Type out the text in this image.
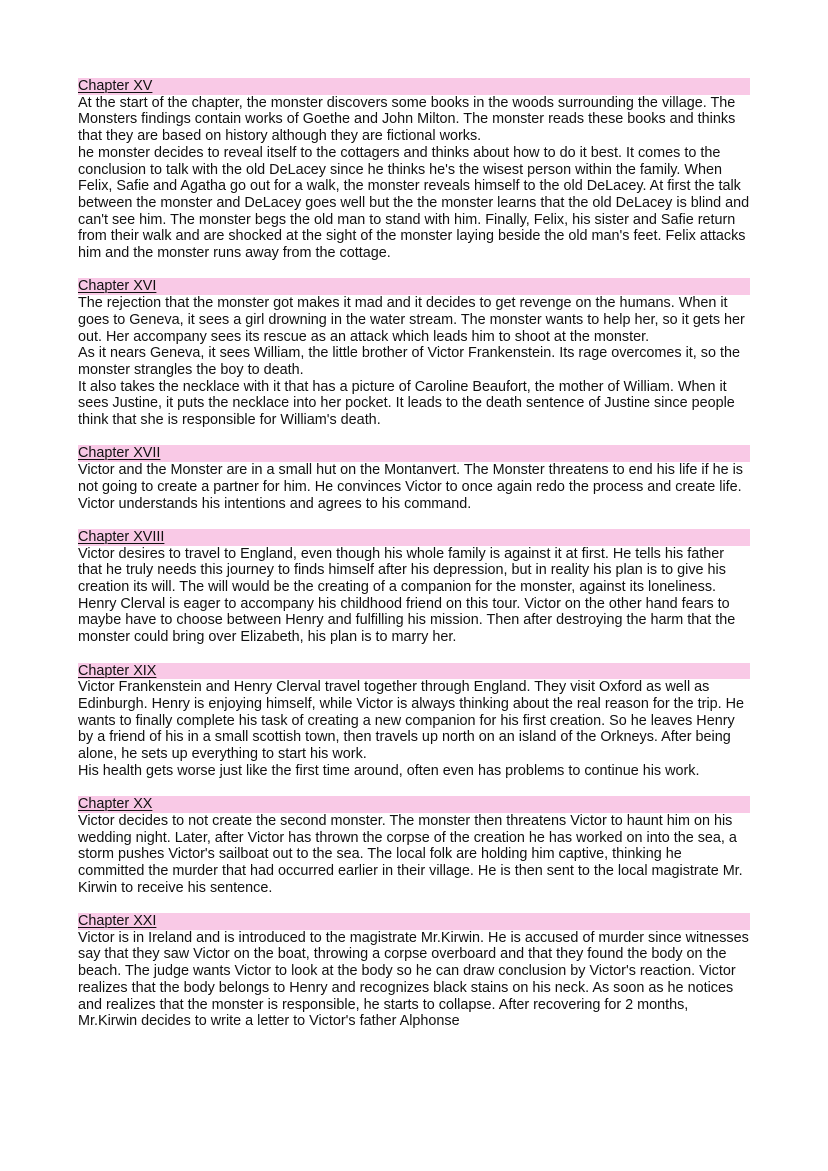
Chapter XV

At the start of the chapter, the monster discovers some books in the woods surrounding the village. The Monsters findings contain works of Goethe and John Milton. The monster reads these books and thinks that they are based on history although they are fictional works.

he monster decides to reveal itself to the cottagers and thinks about how to do it best. It comes to the conclusion to talk with the old DeLacey since he thinks he's the wisest person within the family. When Felix, Safie and Agatha go out for a walk, the monster reveals himself to the old DeLacey. At first the talk between the monster and DeLacey goes well but the the monster learns that the old DeLacey is blind and can't see him. The monster begs the old man to stand with him. Finally, Felix, his sister and Safie return from their walk and are shocked at the sight of the monster laying beside the old man's feet. Felix attacks him and the monster runs away from the cottage.

Chapter XVI

The rejection that the monster got makes it mad and it decides to get revenge on the humans. When it goes to Geneva, it sees a girl drowning in the water stream. The monster wants to help her, so it gets her out. Her accompany sees its rescue as an attack which leads him to shoot at the monster.

As it nears Geneva, it sees William, the little brother of Victor Frankenstein. Its rage overcomes it, so the monster strangles the boy to death.

It also takes the necklace with it that has a picture of Caroline Beaufort, the mother of William. When it sees Justine, it puts the necklace into her pocket. It leads to the death sentence of Justine since people think that she is responsible for William's death.

Chapter XVII

Victor and the Monster are in a small hut on the Montanvert. The Monster threatens to end his life if he is not going to create a partner for him. He convinces Victor to once again redo the process and create life. Victor understands his intentions and agrees to his command.

Chapter XVIII

Victor desires to travel to England, even though his whole family is against it at first. He tells his father that he truly needs this journey to finds himself after his depression, but in reality his plan is to give his creation its will. The will would be the creating of a companion for the monster, against its loneliness. Henry Clerval is eager to accompany his childhood friend on this tour. Victor on the other hand fears to maybe have to choose between Henry and fulfilling his mission. Then after destroying the harm that the monster could bring over Elizabeth, his plan is to marry her.

Chapter XIX

Victor Frankenstein and Henry Clerval travel together through England. They visit Oxford as well as Edinburgh. Henry is enjoying himself, while Victor is always thinking about the real reason for the trip. He wants to finally complete his task of creating a new companion for his first creation. So he leaves Henry by a friend of his in a small scottish town, then travels up north on an island of the Orkneys. After being alone, he sets up everything to start his work.

His health gets worse just like the first time around, often even has problems to continue his work.

Chapter XX

Victor decides to not create the second monster. The monster then threatens Victor to haunt him on his wedding night. Later, after Victor has thrown the corpse of the creation he has worked on into the sea, a storm pushes Victor's sailboat out to the sea. The local folk are holding him captive, thinking he committed the murder that had occurred earlier in their village. He is then sent to the local magistrate Mr. Kirwin to receive his sentence.

Chapter XXI

Victor is in Ireland and is introduced to the magistrate Mr.Kirwin. He is accused of murder since witnesses say that they saw Victor on the boat, throwing a corpse overboard and that they found the body on the beach. The judge wants Victor to look at the body so he can draw conclusion by Victor's reaction. Victor realizes that the body belongs to Henry and recognizes black stains on his neck. As soon as he notices and realizes that the monster is responsible, he starts to collapse. After recovering for 2 months, Mr.Kirwin decides to write a letter to Victor's father Alphonse
